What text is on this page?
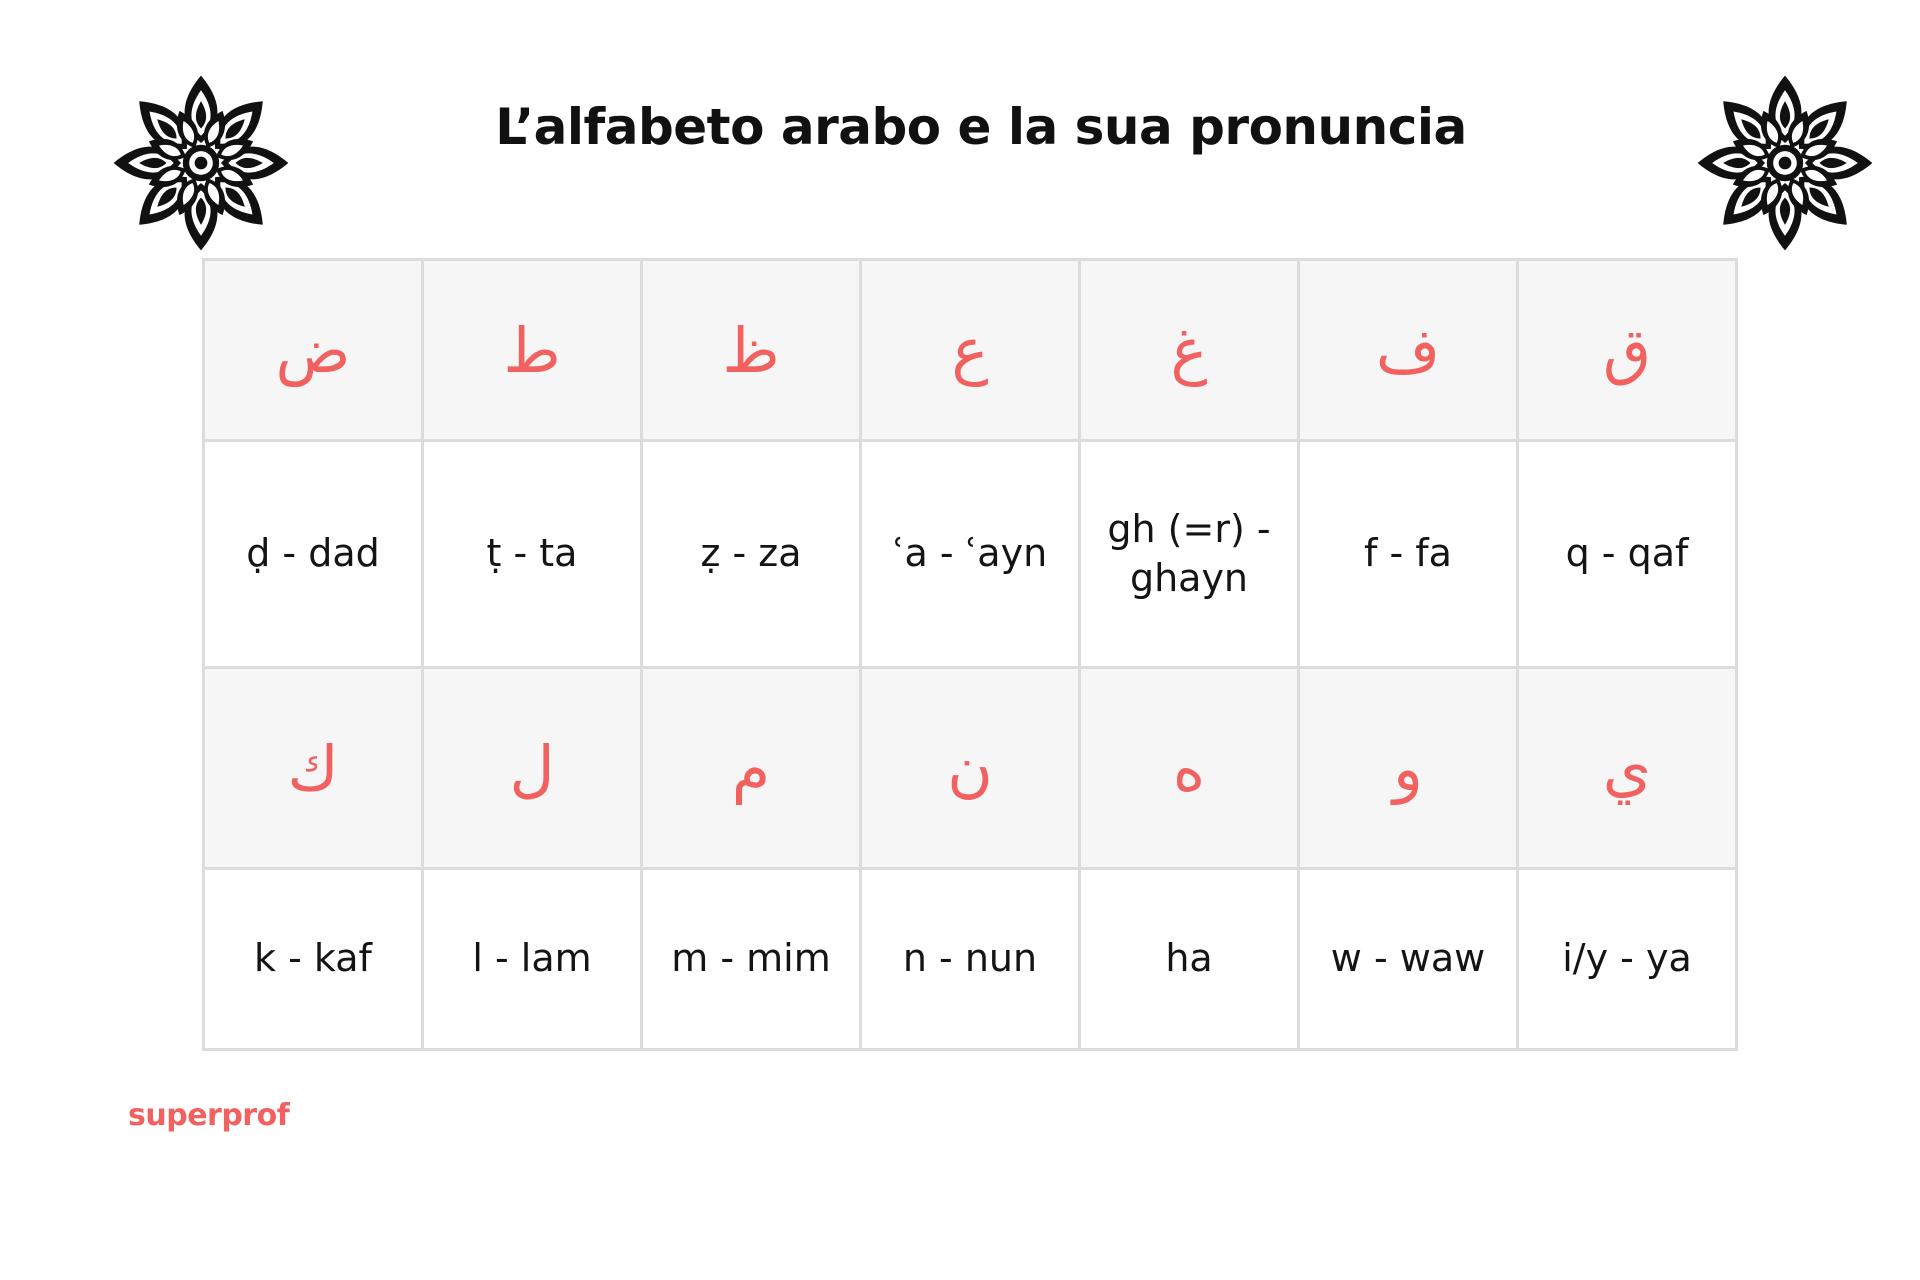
L’alfabeto arabo e la sua pronuncia
ض	ط	ظ	ع	غ	ف	ق
ḍ - dad	ṭ - ta	ẓ - za	ʿa - ʿayn	gh (=r) - ghayn	f - fa	q - qaf
ك	ل	م	ن	ه	و	ي
k - kaf	l - lam	m - mim	n - nun	ha	w - waw	i/y - ya
superprof
